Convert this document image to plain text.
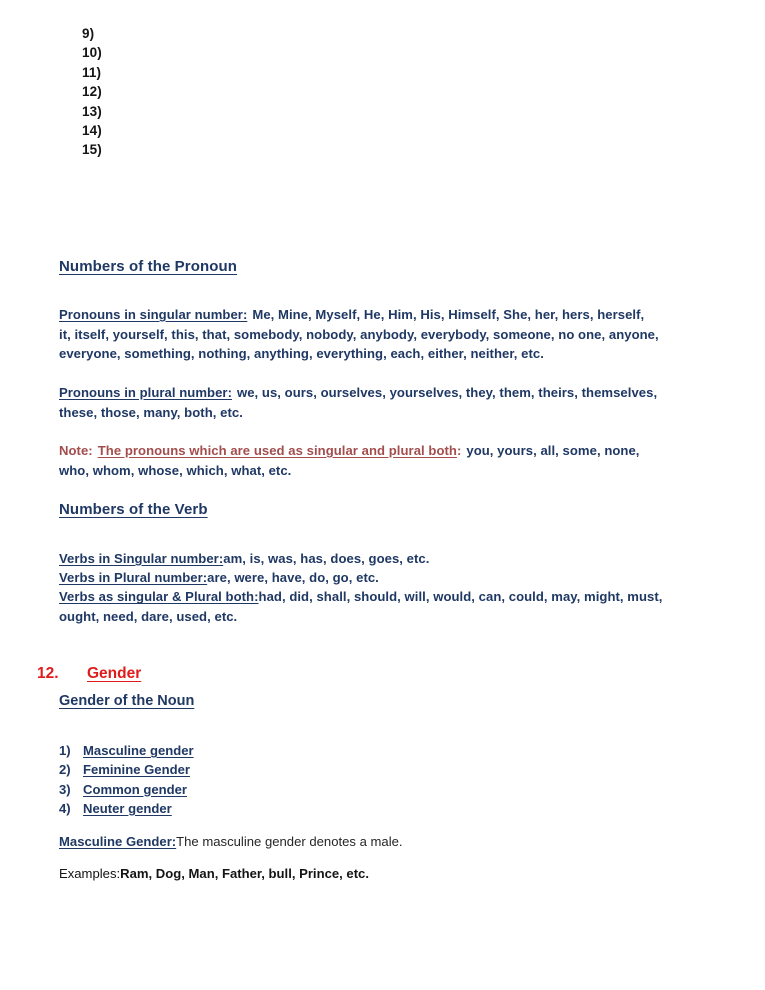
9)
10)
11)
12)
13)
14)
15)
Numbers of the Pronoun
Pronouns in singular number: Me, Mine, Myself, He, Him, His, Himself, She, her, hers, herself, it, itself, yourself, this, that, somebody, nobody, anybody, everybody, someone, no one, anyone, everyone, something, nothing, anything, everything, each, either, neither, etc.
Pronouns in plural number: we, us, ours, ourselves, yourselves, they, them, theirs, themselves, these, those, many, both, etc.
Note: The pronouns which are used as singular and plural both: you, yours, all, some, none, who, whom, whose, which, what, etc.
Numbers of the Verb
Verbs in Singular number:am, is, was, has, does, goes, etc.
Verbs in Plural number:are, were, have, do, go, etc.
Verbs as singular & Plural both:had, did, shall, should, will, would, can, could, may, might, must, ought, need, dare, used, etc.
12.	Gender
Gender of the Noun
1) Masculine gender
2) Feminine Gender
3) Common gender
4) Neuter gender
Masculine Gender:The masculine gender denotes a male.
Examples:Ram, Dog, Man, Father, bull, Prince, etc.
